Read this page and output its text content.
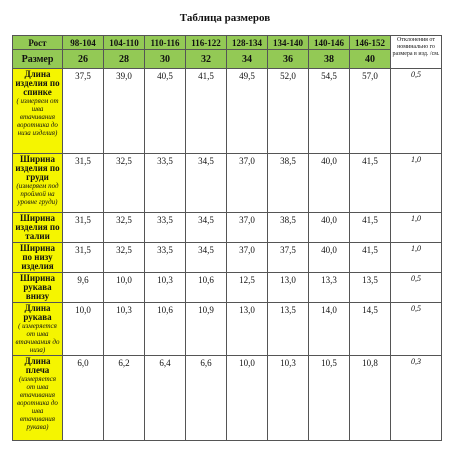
Таблица размеров
Рост	98-104	104-110	110-116	116-122	128-134	134-140	140-146	146-152	Отклонения от номинально го размера в изд. /см.
Размер	26	28	30	32	34	36	38	40	

Длина изделия по спинке
( измеряем от шва втачивания воротника до низа изделия)	37,5	39,0	40,5	41,5	49,5	52,0	54,5	57,0	0,5

Ширина изделия по груди
(измеряем под проймой на уровне груди)	31,5	32,5	33,5	34,5	37,0	38,5	40,0	41,5	1,0

Ширина изделия по талии	31,5	32,5	33,5	34,5	37,0	38,5	40,0	41,5	1,0

Ширина по низу изделия	31,5	32,5	33,5	34,5	37,0	37,5	40,0	41,5	1,0

Ширина рукава внизу	9,6	10,0	10,3	10,6	12,5	13,0	13,3	13,5	0,5

Длина рукава
( измеряется от шва втачивания до низа)	10,0	10,3	10,6	10,9	13,0	13,5	14,0	14,5	0,5

Длина плеча
(измеряется от шва втачивания воротника до шва втачивания рукава)	6,0	6,2	6,4	6,6	10,0	10,3	10,5	10,8	0,3
